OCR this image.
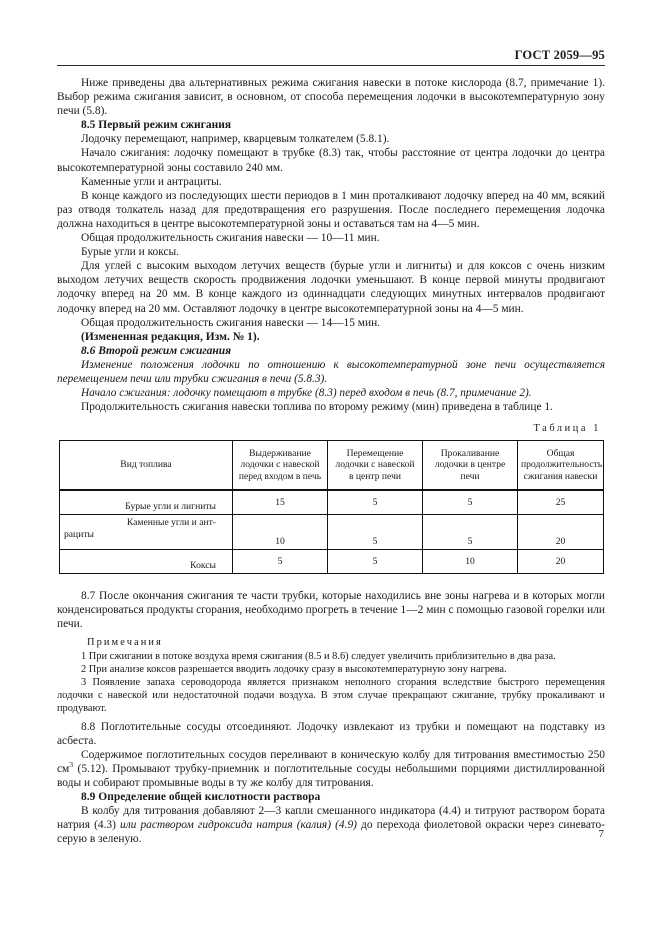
ГОСТ 2059—95

Ниже приведены два альтернативных режима сжигания навески в потоке кислорода (8.7, примечание 1). Выбор режима сжигания зависит, в основном, от способа перемещения лодочки в высокотемпературную зону печи (5.8).

8.5 Первый режим сжигания

Лодочку перемещают, например, кварцевым толкателем (5.8.1).

Начало сжигания: лодочку помещают в трубке (8.3) так, чтобы расстояние от центра лодочки до центра высокотемпературной зоны составило 240 мм.

Каменные угли и антрациты.

В конце каждого из последующих шести периодов в 1 мин проталкивают лодочку вперед на 40 мм, всякий раз отводя толкатель назад для предотвращения его разрушения. После последнего перемещения лодочка должна находиться в центре высокотемпературной зоны и оставаться там на 4—5 мин.

Общая продолжительность сжигания навески — 10—11 мин.

Бурые угли и коксы.

Для углей с высоким выходом летучих веществ (бурые угли и лигниты) и для коксов с очень низким выходом летучих веществ скорость продвижения лодочки уменьшают. В конце первой минуты продвигают лодочку вперед на 20 мм. В конце каждого из одиннадцати следующих минутных интервалов продвигают лодочку вперед на 20 мм. Оставляют лодочку в центре высокотемпературной зоны на 4—5 мин.

Общая продолжительность сжигания навески — 14—15 мин.

(Измененная редакция, Изм. № 1).
8.6 Второй режим сжигания
Изменение положения лодочки по отношению к высокотемпературной зоне печи осуществляется перемещением печи или трубки сжигания в печи (5.8.3).
Начало сжигания: лодочку помещают в трубке (8.3) перед входом в печь (8.7, примечание 2).

Продолжительность сжигания навески топлива по второму режиму (мин) приведена в таблице 1.

Таблица 1
Вид топлива	Выдерживание
лодочки с навеской
перед входом в печь	Перемещение
лодочки с навеской
в центр печи	Прокаливание
лодочки в центре
печи	Общая
продолжительность
сжигания навески
Бурые угли и лигниты	15	5	5	25
Каменные угли и ант-

рациты	10	5	5	20
Коксы	5	5	10	20

8.7 После окончания сжигания те части трубки, которые находились вне зоны нагрева и в которых могли конденсироваться продукты сгорания, необходимо прогреть в течение 1—2 мин с помощью газовой горелки или печи.

Примечания

1 При сжигании в потоке воздуха время сжигания (8.5 и 8.6) следует увеличить приблизительно в два раза.

2 При анализе коксов разрешается вводить лодочку сразу в высокотемпературную зону нагрева.

3 Появление запаха сероводорода является признаком неполного сгорания вследствие быстрого перемещения лодочки с навеской или недостаточной подачи воздуха. В этом случае прекращают сжигание, трубку прокаливают и продувают.

8.8 Поглотительные сосуды отсоединяют. Лодочку извлекают из трубки и помещают на подставку из асбеста.

Содержимое поглотительных сосудов переливают в коническую колбу для титрования вместимостью 250 $см^3$ (5.12). Промывают трубку-приемник и поглотительные сосуды небольшими порциями дистиллированной воды и собирают промывные воды в ту же колбу для титрования.

8.9 Определение общей кислотности раствора

В колбу для титрования добавляют 2—3 капли смешанного индикатора (4.4) и титруют раствором бората натрия (4.3) или раствором гидроксида натрия (калия) (4.9) до перехода фиолетовой окраски через синевато-серую в зеленую.	7
